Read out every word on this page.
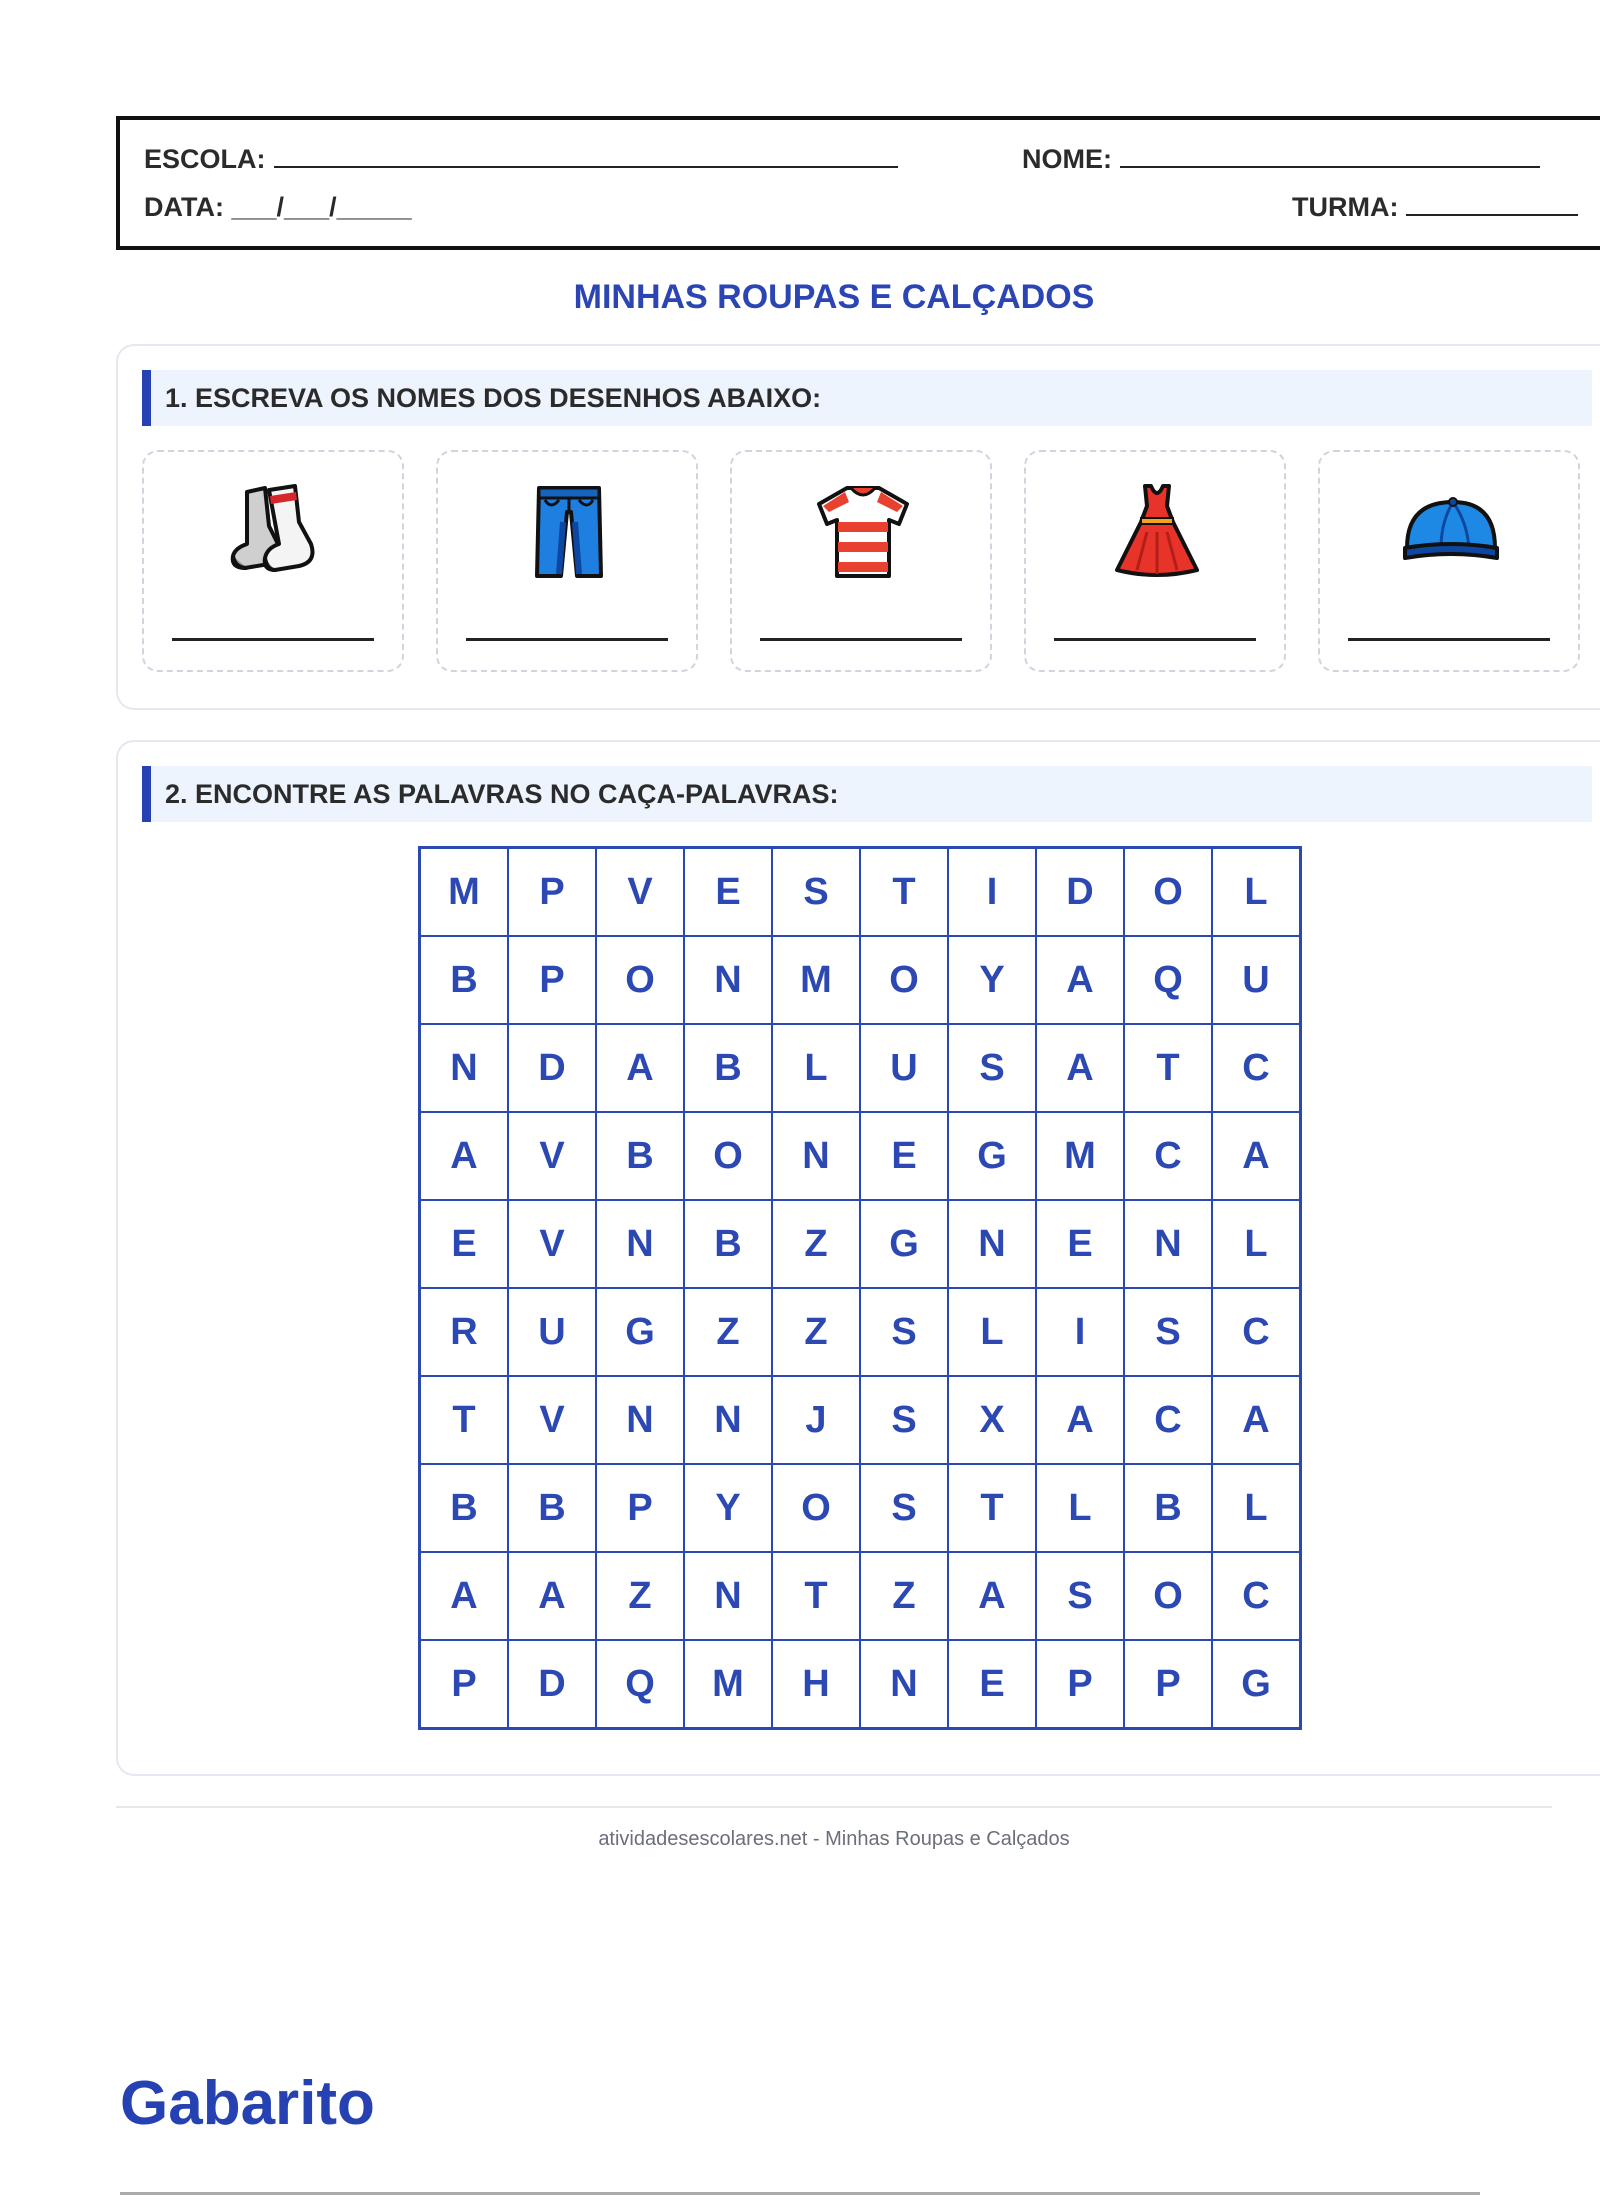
ESCOLA:	NOME:
DATA: ___/___/_____	TURMA:
MINHAS ROUPAS E CALÇADOS
1. ESCREVA OS NOMES DOS DESENHOS ABAIXO:
2. ENCONTRE AS PALAVRAS NO CAÇA-PALAVRAS:
M	P	V	E	S	T	I	D	O	L
B	P	O	N	M	O	Y	A	Q	U
N	D	A	B	L	U	S	A	T	C
A	V	B	O	N	E	G	M	C	A
E	V	N	B	Z	G	N	E	N	L
R	U	G	Z	Z	S	L	I	S	C
T	V	N	N	J	S	X	A	C	A
B	B	P	Y	O	S	T	L	B	L
A	A	Z	N	T	Z	A	S	O	C
P	D	Q	M	H	N	E	P	P	G
atividadesescolares.net - Minhas Roupas e Calçados
Gabarito
